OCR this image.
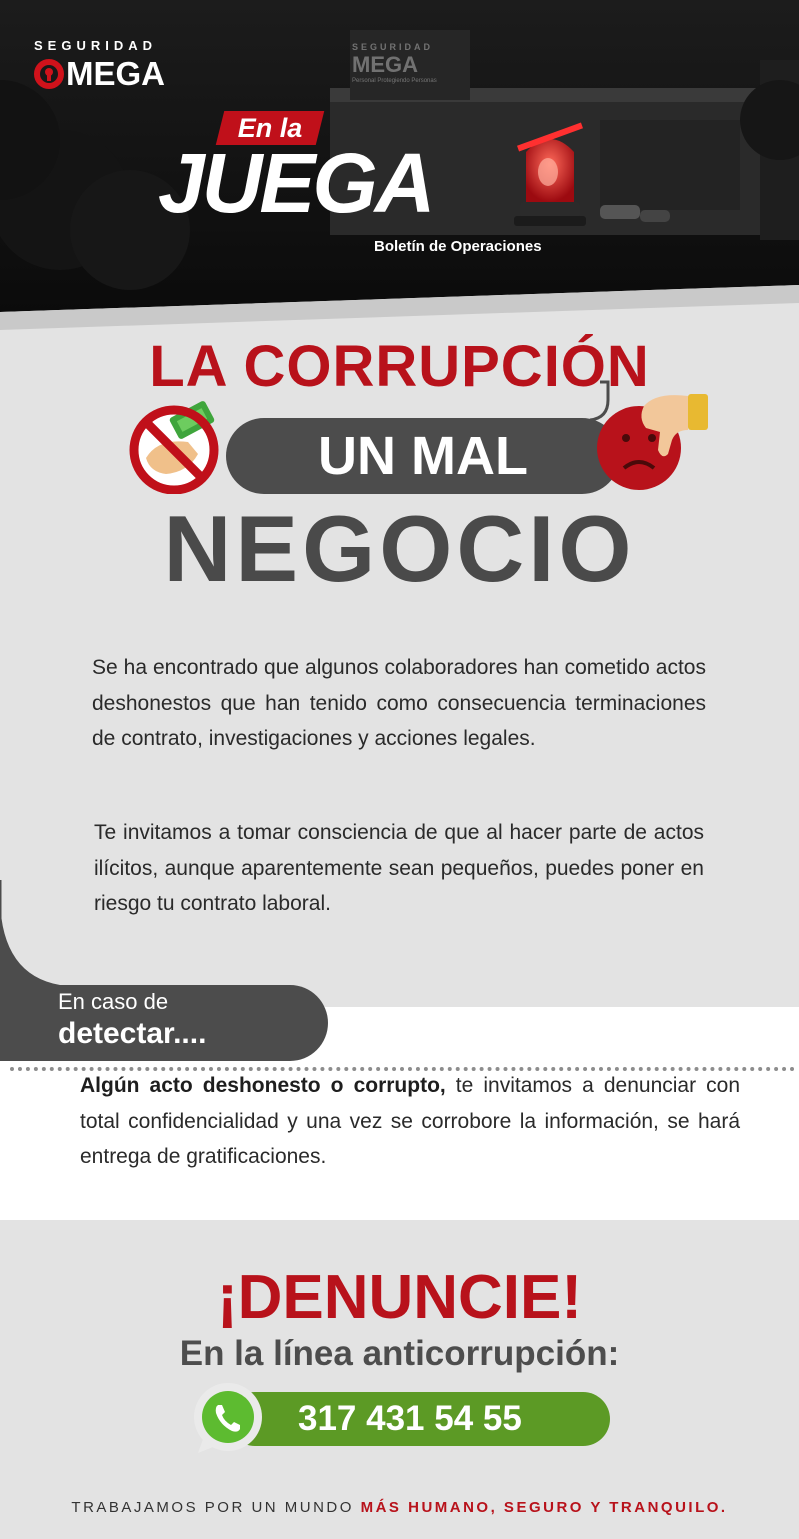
SEGURIDAD
MEGA
SEGURIDAD
MEGA
Personal Protegiendo Personas
En la
JUEGA
Boletín de Operaciones
LA CORRUPCIÓN
UN MAL
NEGOCIO
Se ha encontrado que algunos colaboradores han cometido actos deshonestos que han tenido como consecuencia terminaciones de contrato, investigaciones y acciones legales.
Te invitamos a tomar consciencia de que al hacer parte de actos ilícitos, aunque aparentemente sean pequeños, puedes poner en riesgo tu contrato laboral.
En caso de
detectar....
Algún acto deshonesto o corrupto, te invitamos a denunciar con total confidencialidad y una vez se corrobore la información, se hará entrega de gratificaciones.
¡DENUNCIE!
En la línea anticorrupción:
317 431 54 55
TRABAJAMOS POR UN MUNDO MÁS HUMANO, SEGURO Y TRANQUILO.
